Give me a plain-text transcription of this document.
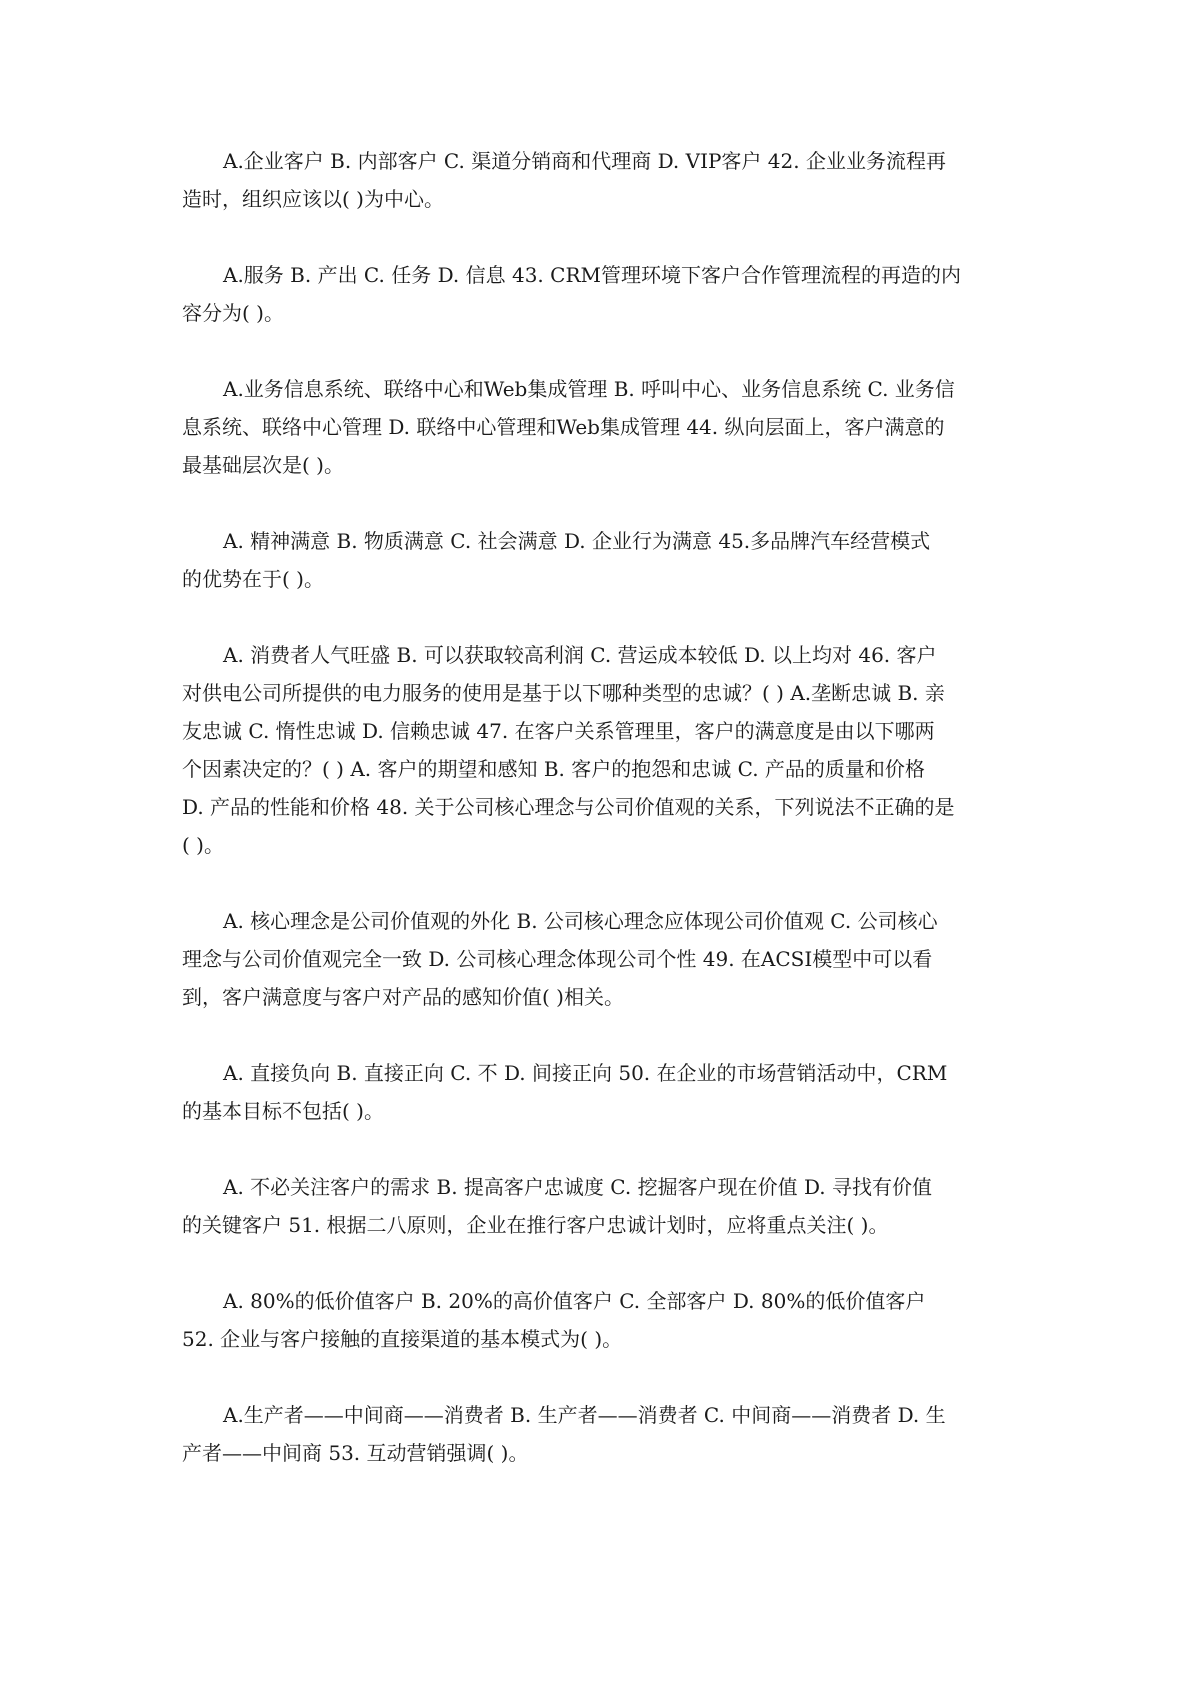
A.企业客户 B. 内部客户 C. 渠道分销商和代理商 D. VIP客户 42. 企业业务流程再
造时，组织应该以( )为中心。
A.服务 B. 产出 C. 任务 D. 信息 43. CRM管理环境下客户合作管理流程的再造的内
容分为( )。
A.业务信息系统、联络中心和Web集成管理 B. 呼叫中心、业务信息系统 C. 业务信
息系统、联络中心管理 D. 联络中心管理和Web集成管理 44. 纵向层面上，客户满意的
最基础层次是( )。
A. 精神满意 B. 物质满意 C. 社会满意 D. 企业行为满意 45.多品牌汽车经营模式
的优势在于( )。
A. 消费者人气旺盛 B. 可以获取较高利润 C. 营运成本较低 D. 以上均对 46. 客户
对供电公司所提供的电力服务的使用是基于以下哪种类型的忠诚？( ) A.垄断忠诚 B. 亲
友忠诚 C. 惰性忠诚 D. 信赖忠诚 47. 在客户关系管理里，客户的满意度是由以下哪两
个因素决定的？( ) A. 客户的期望和感知 B. 客户的抱怨和忠诚 C. 产品的质量和价格
D. 产品的性能和价格 48. 关于公司核心理念与公司价值观的关系，下列说法不正确的是
( )。
A. 核心理念是公司价值观的外化 B. 公司核心理念应体现公司价值观 C. 公司核心
理念与公司价值观完全一致 D. 公司核心理念体现公司个性 49. 在ACSI模型中可以看
到，客户满意度与客户对产品的感知价值( )相关。
A. 直接负向 B. 直接正向 C. 不 D. 间接正向 50. 在企业的市场营销活动中，CRM
的基本目标不包括( )。
A. 不必关注客户的需求 B. 提高客户忠诚度 C. 挖掘客户现在价值 D. 寻找有价值
的关键客户 51. 根据二八原则，企业在推行客户忠诚计划时，应将重点关注( )。
A. 80%的低价值客户 B. 20%的高价值客户 C. 全部客户 D. 80%的低价值客户
52. 企业与客户接触的直接渠道的基本模式为( )。
A.生产者——中间商——消费者 B. 生产者——消费者 C. 中间商——消费者 D. 生
产者——中间商 53. 互动营销强调( )。
